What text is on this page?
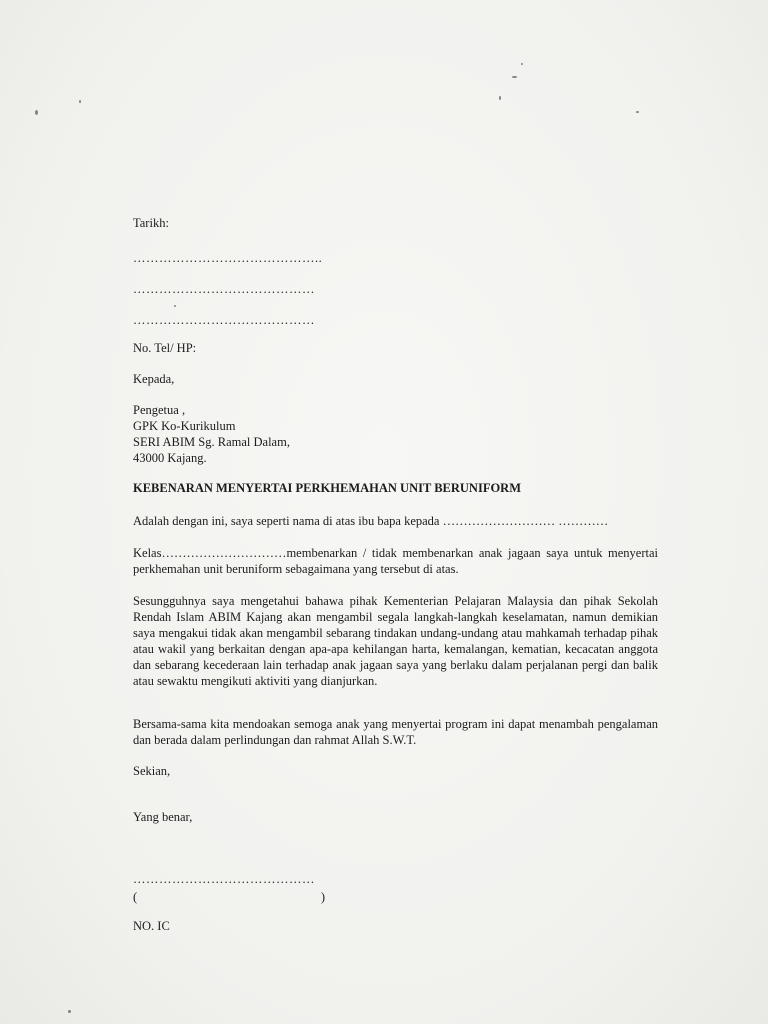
Tarikh:
……………………………………..
……………………………………
……………………………………
No. Tel/ HP:
Kepada,
Pengetua ,
GPK Ko-Kurikulum
SERI ABIM Sg. Ramal Dalam,
43000 Kajang.
KEBENARAN MENYERTAI PERKHEMAHAN UNIT BERUNIFORM
Adalah dengan ini, saya seperti nama di atas ibu bapa kepada ……………………… …………
Kelas…………………………membenarkan / tidak membenarkan anak jagaan saya untuk menyertai perkhemahan unit beruniform sebagaimana yang tersebut di atas.
Sesungguhnya saya mengetahui bahawa pihak Kementerian Pelajaran Malaysia dan pihak Sekolah Rendah Islam ABIM Kajang akan mengambil segala langkah-langkah keselamatan, namun demikian saya mengakui tidak akan mengambil sebarang tindakan undang-undang atau mahkamah terhadap pihak atau wakil yang berkaitan dengan apa-apa kehilangan harta, kemalangan, kematian, kecacatan anggota dan sebarang kecederaan lain terhadap anak jagaan saya yang berlaku dalam perjalanan pergi dan balik atau sewaktu mengikuti aktiviti yang dianjurkan.
Bersama-sama kita mendoakan semoga anak yang menyertai program ini dapat menambah pengalaman dan berada dalam perlindungan dan rahmat Allah S.W.T.
Sekian,
Yang benar,
……………………………………
(	)
NO. IC
